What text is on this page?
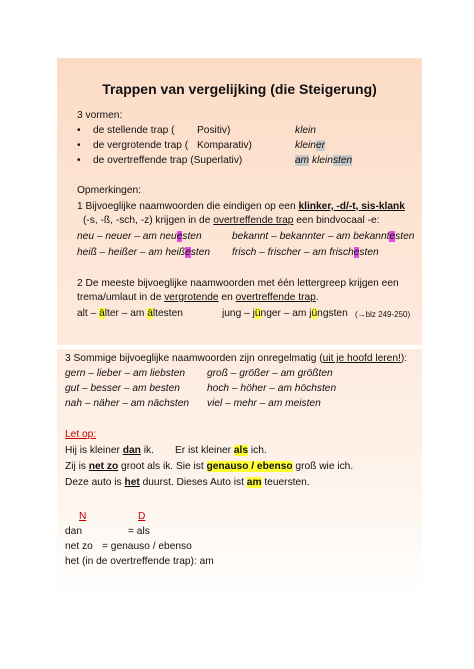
Trappen van vergelijking (die Steigerung)
3 vormen:
• de stellende trap ( Positiv)	klein
• de vergrotende trap ( Komparativ)	kleiner
• de overtreffende trap (Superlativ)	am kleinsten
Opmerkingen:
1 Bijvoeglijke naamwoorden die eindigen op een klinker, -d/-t, sis-klank
(-s, -ß, -sch, -z) krijgen in de overtreffende trap een bindvocaal -e:
neu – neuer – am neuesten	bekannt – bekannter – am bekanntesten
heiß – heißer – am heißesten frisch – frischer – am frischesten
2 De meeste bijvoeglijke naamwoorden met één lettergreep krijgen een
trema/umlaut in de vergrotende en overtreffende trap.
alt – älter – am ältesten	jung – jünger – am jüngsten (→blz 249-250)
3 Sommige bijvoeglijke naamwoorden zijn onregelmatig (uit je hoofd leren!):
gern – lieber – am liebsten groß – größer – am größten
gut – besser – am besten	hoch – höher – am höchsten
nah – näher – am nächsten viel – mehr – am meisten
Let op:
Hij is kleiner dan ik. Er ist kleiner als ich.
Zij is net zo groot als ik. Sie ist genauso / ebenso groß wie ich.
Deze auto is het duurst. Dieses Auto ist am teuersten.
N	D
dan	= als
net zo = genauso / ebenso
het (in de overtreffende trap): am
